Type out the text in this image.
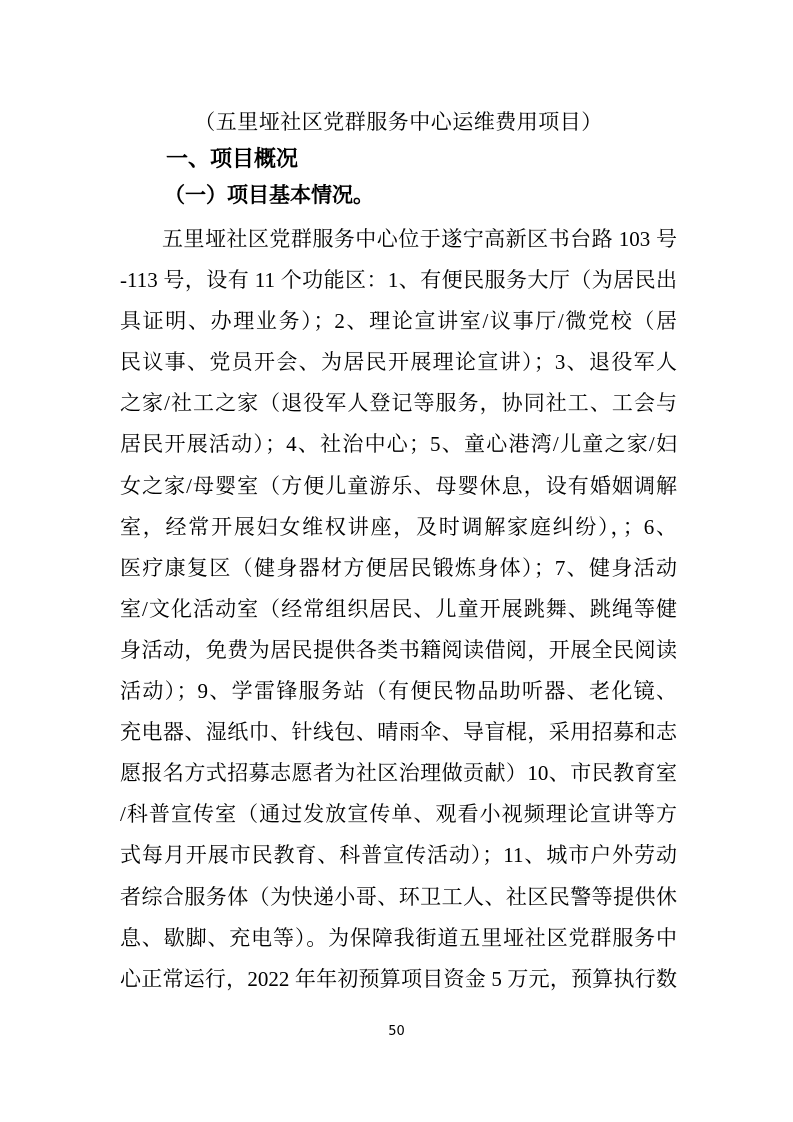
（五里垭社区党群服务中心运维费用项目）
一、项目概况
（一）项目基本情况。
五里垭社区党群服务中心位于遂宁高新区书台路 103 号
-113 号，设有 11 个功能区：1、有便民服务大厅（为居民出
具证明、办理业务）；2、理论宣讲室/议事厅/微党校（居
民议事、党员开会、为居民开展理论宣讲）；3、退役军人
之家/社工之家（退役军人登记等服务，协同社工、工会与
居民开展活动）；4、社治中心；5、童心港湾/儿童之家/妇
女之家/母婴室（方便儿童游乐、母婴休息，设有婚姻调解
室，经常开展妇女维权讲座，及时调解家庭纠纷），；6、
医疗康复区（健身器材方便居民锻炼身体）；7、健身活动
室/文化活动室（经常组织居民、儿童开展跳舞、跳绳等健
身活动，免费为居民提供各类书籍阅读借阅，开展全民阅读
活动）；9、学雷锋服务站（有便民物品助听器、老化镜、
充电器、湿纸巾、针线包、晴雨伞、导盲棍，采用招募和志
愿报名方式招募志愿者为社区治理做贡献）10、市民教育室
/科普宣传室（通过发放宣传单、观看小视频理论宣讲等方
式每月开展市民教育、科普宣传活动）；11、城市户外劳动
者综合服务体（为快递小哥、环卫工人、社区民警等提供休
息、歇脚、充电等）。为保障我街道五里垭社区党群服务中
心正常运行，2022 年年初预算项目资金 5 万元，预算执行数
50
